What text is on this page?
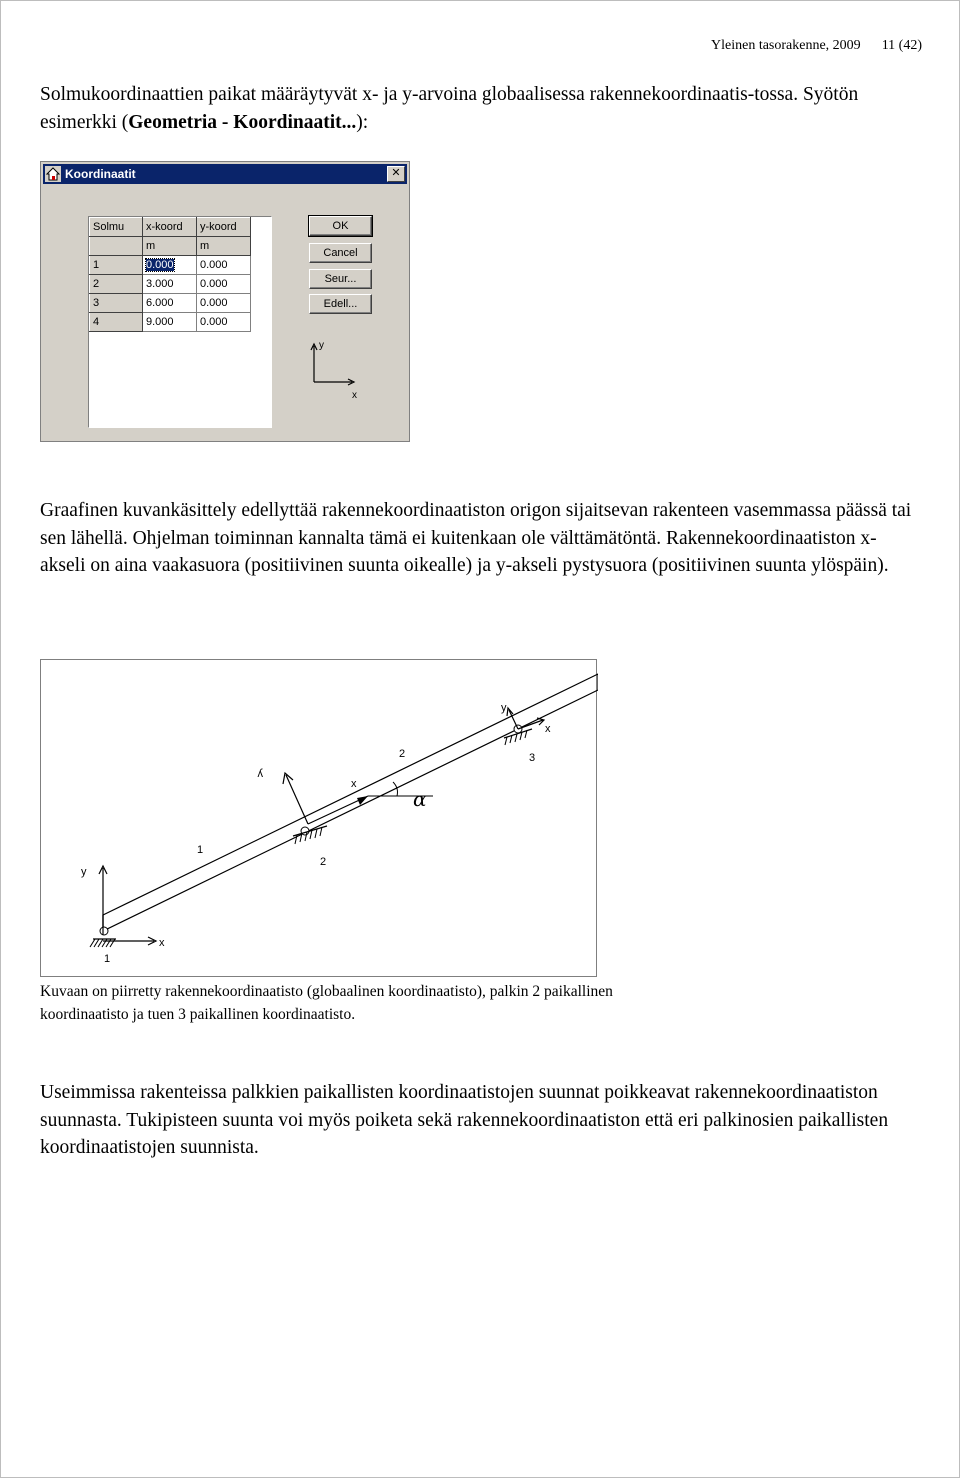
Yleinen tasorakenne, 2009 11 (42)
Solmukoordinaattien paikat määräytyvät x- ja y-arvoina globaalisessa rakennekoordinaatis-tossa. Syötön esimerkki (Geometria - Koordinaatit...):
Koordinaatit	✕
Solmu	x-koord	y-koord
	m	m
1	0.000	0.000
2	3.000	0.000
3	6.000	0.000
4	9.000	0.000
OK
Cancel
Seur...
Edell...
y
x
Graafinen kuvankäsittely edellyttää rakennekoordinaatiston origon sijaitsevan rakenteen vasemmassa päässä tai sen lähellä. Ohjelman toiminnan kannalta tämä ei kuitenkaan ole välttämätöntä. Rakennekoordinaatiston x-akseli on aina vaakasuora (positiivinen suunta oikealle) ja y-akseli pystysuora (positiivinen suunta ylöspäin).
y
x
1
1
2
2
y
x
α
3
y
x
Kuvaan on piirretty rakennekoordinaatisto (globaalinen koordinaatisto), palkin 2 paikallinen koordinaatisto ja tuen 3 paikallinen koordinaatisto.
Useimmissa rakenteissa palkkien paikallisten koordinaatistojen suunnat poikkeavat rakennekoordinaatiston suunnasta. Tukipisteen suunta voi myös poiketa sekä rakennekoordinaatiston että eri palkinosien paikallisten koordinaatistojen suunnista.
